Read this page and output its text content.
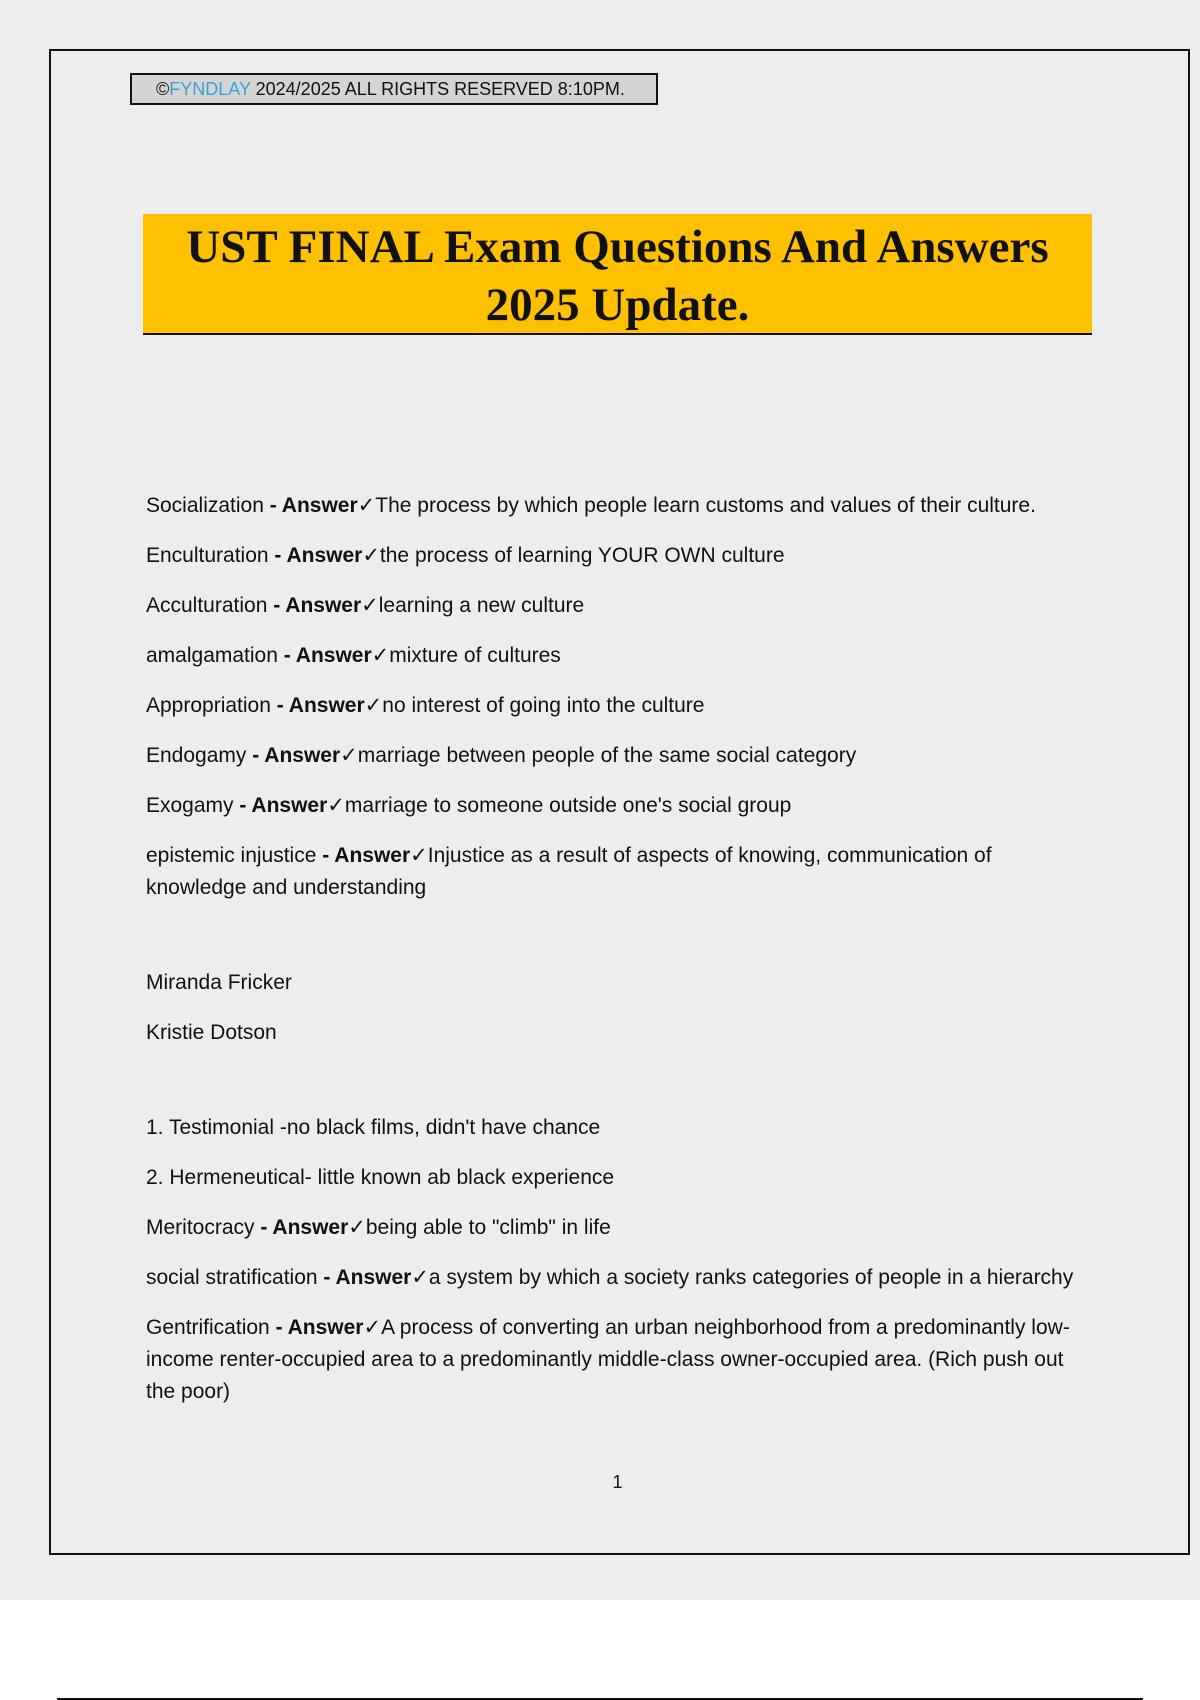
©FYNDLAY 2024/2025 ALL RIGHTS RESERVED 8:10PM.
UST FINAL Exam Questions And Answers
2025 Update.

Socialization - Answer✓The process by which people learn customs and values of their culture.

Enculturation - Answer✓the process of learning YOUR OWN culture

Acculturation - Answer✓learning a new culture

amalgamation - Answer✓mixture of cultures

Appropriation - Answer✓no interest of going into the culture

Endogamy - Answer✓marriage between people of the same social category

Exogamy - Answer✓marriage to someone outside one's social group

epistemic injustice - Answer✓Injustice as a result of aspects of knowing, communication of knowledge and understanding

Miranda Fricker

Kristie Dotson

1. Testimonial -no black films, didn't have chance

2. Hermeneutical- little known ab black experience

Meritocracy - Answer✓being able to "climb" in life

social stratification - Answer✓a system by which a society ranks categories of people in a hierarchy

Gentrification - Answer✓A process of converting an urban neighborhood from a predominantly low-income renter-occupied area to a predominantly middle-class owner-occupied area. (Rich push out the poor)

1
